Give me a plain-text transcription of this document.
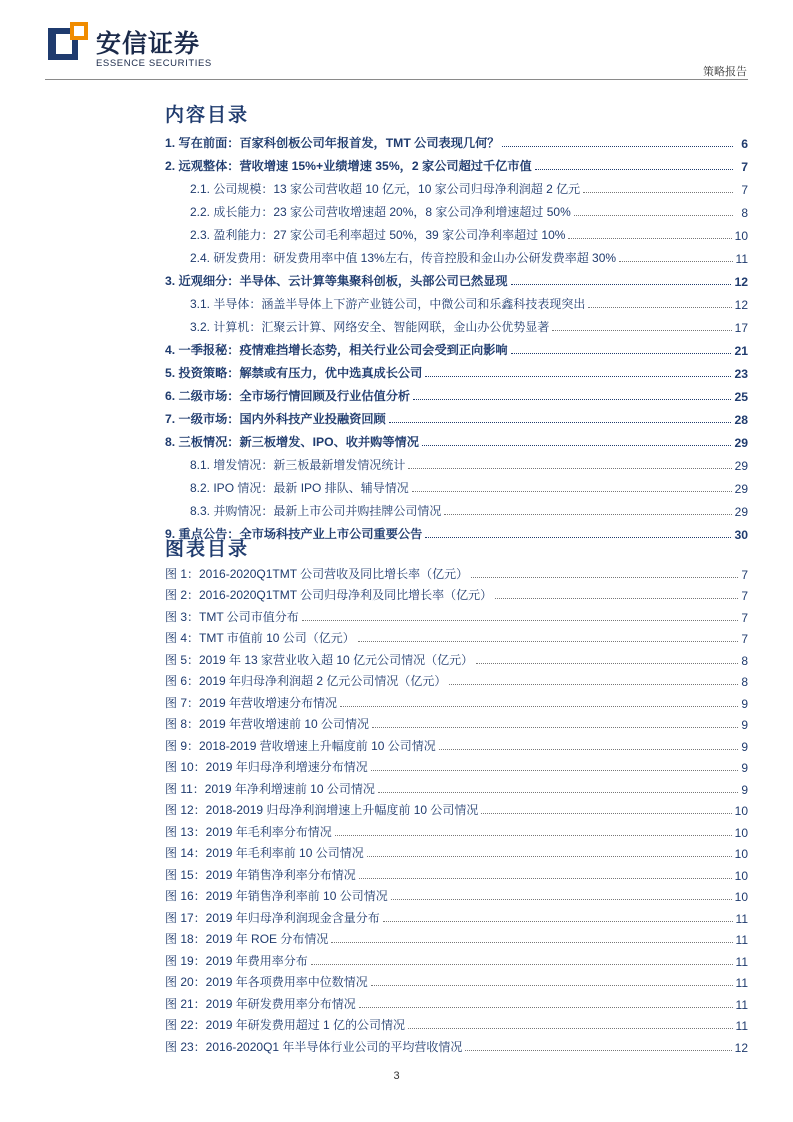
安信证券
ESSENCE SECURITIES
策略报告
内容目录
1. 写在前面：百家科创板公司年报首发，TMT 公司表现几何？	6
2. 远观整体：营收增速 15%+业绩增速 35%，2 家公司超过千亿市值	7
2.1. 公司规模：13 家公司营收超 10 亿元，10 家公司归母净利润超 2 亿元	7
2.2. 成长能力：23 家公司营收增速超 20%，8 家公司净利增速超过 50%	8
2.3. 盈利能力：27 家公司毛利率超过 50%，39 家公司净利率超过 10%	10
2.4. 研发费用：研发费用率中值 13%左右，传音控股和金山办公研发费率超 30%	11
3. 近观细分：半导体、云计算等集聚科创板，头部公司已然显现	12
3.1. 半导体：涵盖半导体上下游产业链公司，中微公司和乐鑫科技表现突出	12
3.2. 计算机：汇聚云计算、网络安全、智能网联，金山办公优势显著	17
4. 一季报秘：疫情难挡增长态势，相关行业公司会受到正向影响	21
5. 投资策略：解禁或有压力，优中选真成长公司	23
6. 二级市场：全市场行情回顾及行业估值分析	25
7. 一级市场：国内外科技产业投融资回顾	28
8. 三板情况：新三板增发、IPO、收并购等情况	29
8.1. 增发情况：新三板最新增发情况统计	29
8.2. IPO 情况：最新 IPO 排队、辅导情况	29
8.3. 并购情况：最新上市公司并购挂牌公司情况	29
9. 重点公告：全市场科技产业上市公司重要公告	30
图表目录
图 1：2016-2020Q1TMT 公司营收及同比增长率（亿元）	7
图 2：2016-2020Q1TMT 公司归母净利及同比增长率（亿元）	7
图 3：TMT 公司市值分布	7
图 4：TMT 市值前 10 公司（亿元）	7
图 5：2019 年 13 家营业收入超 10 亿元公司情况（亿元）	8
图 6：2019 年归母净利润超 2 亿元公司情况（亿元）	8
图 7：2019 年营收增速分布情况	9
图 8：2019 年营收增速前 10 公司情况	9
图 9：2018-2019 营收增速上升幅度前 10 公司情况	9
图 10：2019 年归母净利增速分布情况	9
图 11：2019 年净利增速前 10 公司情况	9
图 12：2018-2019 归母净利润增速上升幅度前 10 公司情况	10
图 13：2019 年毛利率分布情况	10
图 14：2019 年毛利率前 10 公司情况	10
图 15：2019 年销售净利率分布情况	10
图 16：2019 年销售净利率前 10 公司情况	10
图 17：2019 年归母净利润现金含量分布	11
图 18：2019 年 ROE 分布情况	11
图 19：2019 年费用率分布	11
图 20：2019 年各项费用率中位数情况	11
图 21：2019 年研发费用率分布情况	11
图 22：2019 年研发费用超过 1 亿的公司情况	11
图 23：2016-2020Q1 年半导体行业公司的平均营收情况	12
3
